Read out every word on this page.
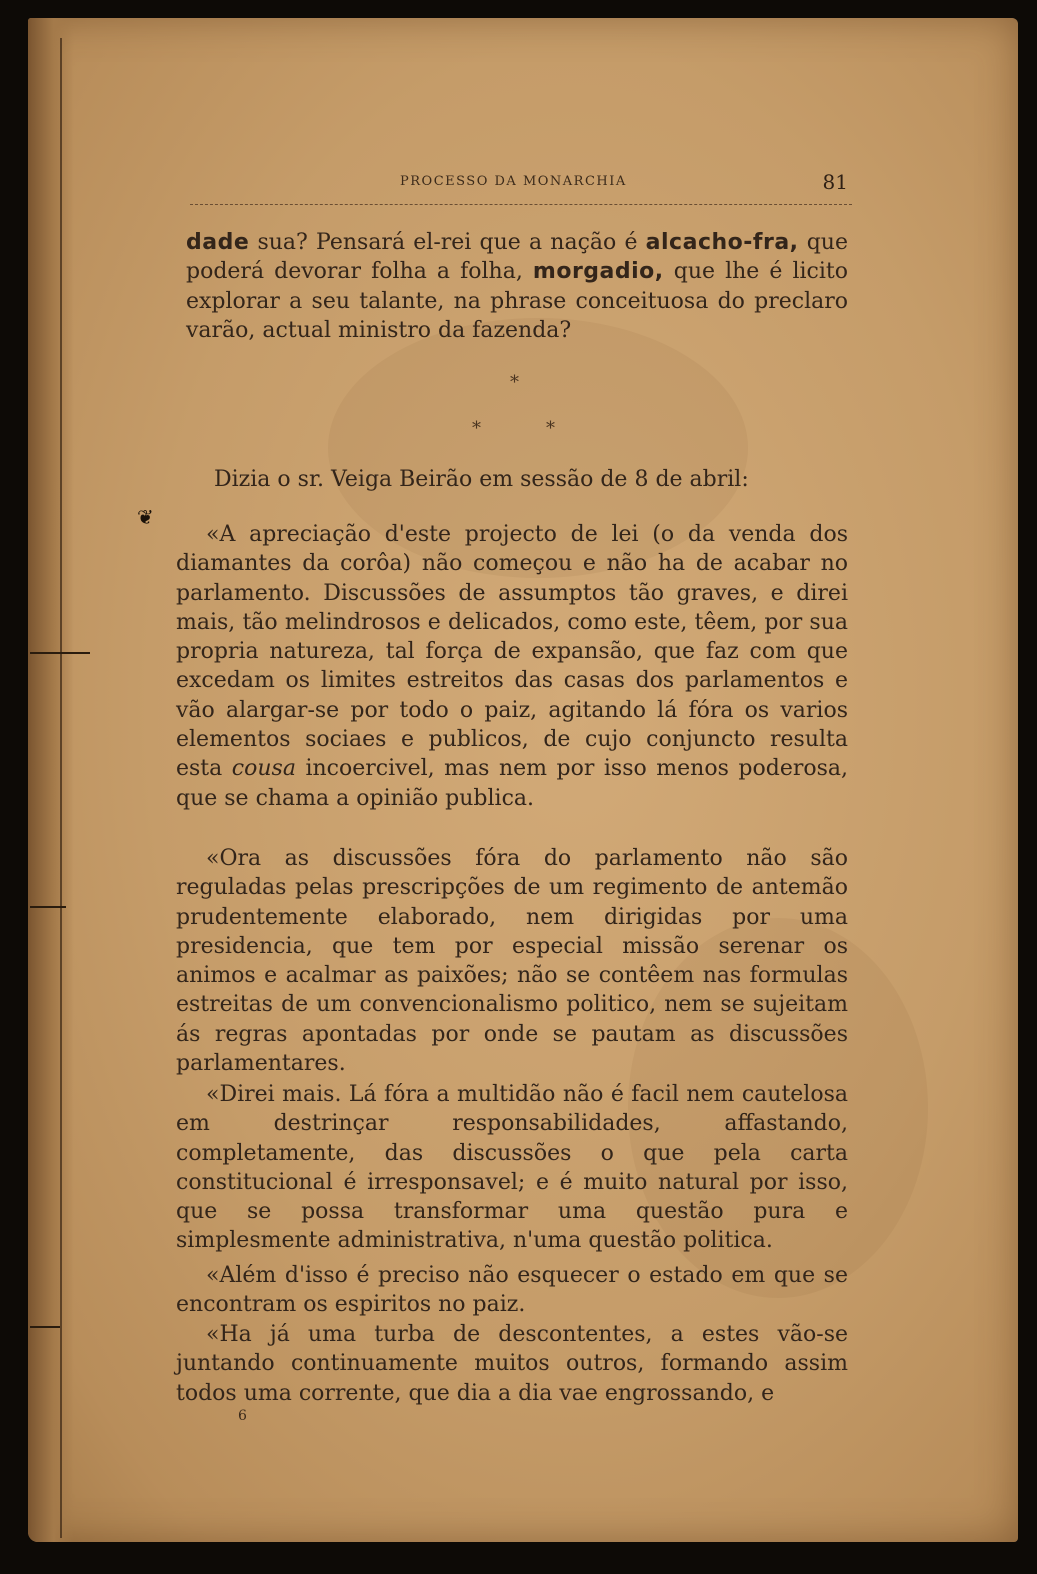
PROCESSO DA MONARCHIA	81

dade sua? Pensará el-rei que a nação é alcacho-fra, que poderá devorar folha a folha, morgadio, que lhe é licito explorar a seu talante, na phrase conceituosa do preclaro varão, actual ministro da fazenda?

*
*	*

Dizia o sr. Veiga Beirão em sessão de 8 de abril:

❦

«A apreciação d'este projecto de lei (o da venda dos diamantes da corôa) não começou e não ha de acabar no parlamento. Discussões de assumptos tão graves, e direi mais, tão melindrosos e delicados, como este, têem, por sua propria natureza, tal força de expansão, que faz com que excedam os limites estreitos das casas dos parlamentos e vão alargar-se por todo o paiz, agitando lá fóra os varios elementos sociaes e publicos, de cujo conjuncto resulta esta cousa incoercivel, mas nem por isso menos poderosa, que se chama a opinião publica.

«Ora as discussões fóra do parlamento não são reguladas pelas prescripções de um regimento de antemão prudentemente elaborado, nem dirigidas por uma presidencia, que tem por especial missão serenar os animos e acalmar as paixões; não se contêem nas formulas estreitas de um convencionalismo politico, nem se sujeitam ás regras apontadas por onde se pautam as discussões parlamentares.

«Direi mais. Lá fóra a multidão não é facil nem cautelosa em destrinçar responsabilidades, affastando, completamente, das discussões o que pela carta constitucional é irresponsavel; e é muito natural por isso, que se possa transformar uma questão pura e simplesmente administrativa, n'uma questão politica.

«Além d'isso é preciso não esquecer o estado em que se encontram os espiritos no paiz.

«Ha já uma turba de descontentes, a estes vão-se juntando continuamente muitos outros, formando assim todos uma corrente, que dia a dia vae engrossando, e

6
